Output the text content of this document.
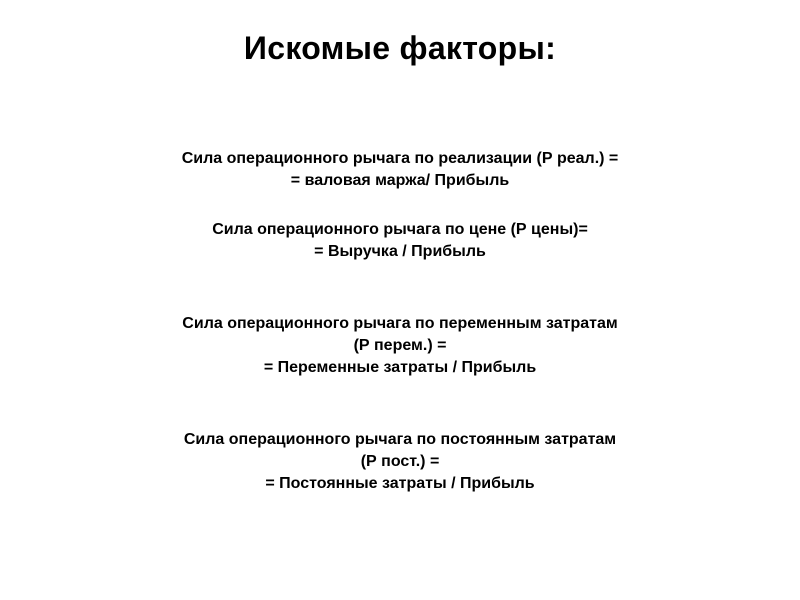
Искомые факторы:
Сила операционного рычага по реализации (Р реал.) =
= валовая маржа/ Прибыль
Сила операционного рычага по цене (Р цены)=
= Выручка / Прибыль
Сила операционного рычага по переменным затратам
(Р перем.) =
= Переменные затраты / Прибыль
Сила операционного рычага по постоянным затратам
(Р пост.) =
= Постоянные затраты / Прибыль
